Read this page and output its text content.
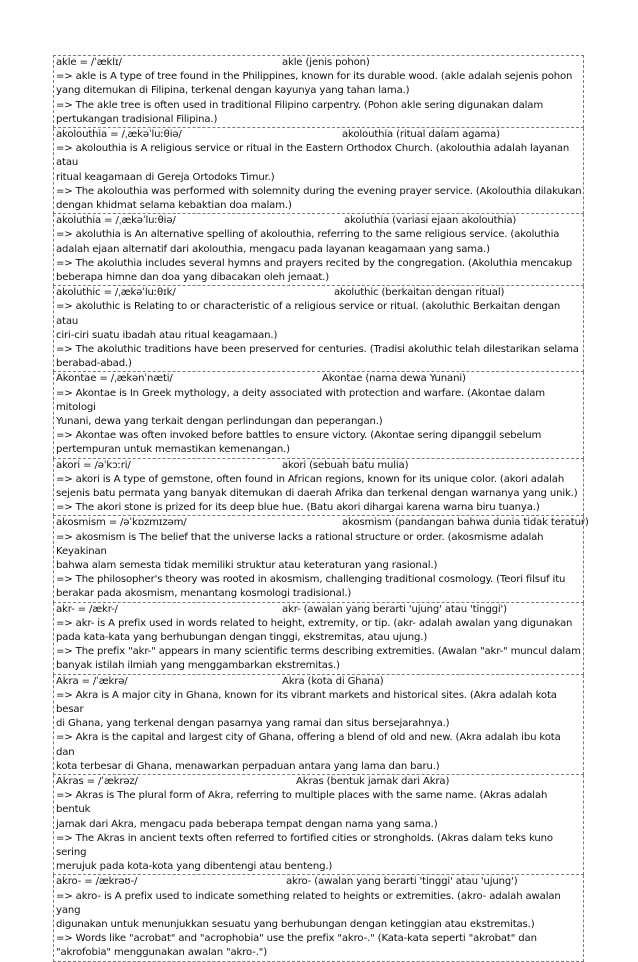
akle = /ˈæklɪ/	akle (jenis pohon)
=> akle is A type of tree found in the Philippines, known for its durable wood. (akle adalah sejenis pohon
yang ditemukan di Filipina, terkenal dengan kayunya yang tahan lama.)
=> The akle tree is often used in traditional Filipino carpentry. (Pohon akle sering digunakan dalam
pertukangan tradisional Filipina.)
akolouthia = /ˌækəˈluːθiə/	akolouthia (ritual dalam agama)
=> akolouthia is A religious service or ritual in the Eastern Orthodox Church. (akolouthia adalah layanan atau
ritual keagamaan di Gereja Ortodoks Timur.)
=> The akolouthia was performed with solemnity during the evening prayer service. (Akolouthia dilakukan
dengan khidmat selama kebaktian doa malam.)
akoluthia = /ˌækəˈluːθiə/	akoluthia (variasi ejaan akolouthia)
=> akoluthia is An alternative spelling of akolouthia, referring to the same religious service. (akoluthia
adalah ejaan alternatif dari akolouthia, mengacu pada layanan keagamaan yang sama.)
=> The akoluthia includes several hymns and prayers recited by the congregation. (Akoluthia mencakup
beberapa himne dan doa yang dibacakan oleh jemaat.)
akoluthic = /ˌækəˈluːθɪk/	akoluthic (berkaitan dengan ritual)
=> akoluthic is Relating to or characteristic of a religious service or ritual. (akoluthic Berkaitan dengan atau
ciri-ciri suatu ibadah atau ritual keagamaan.)
=> The akoluthic traditions have been preserved for centuries. (Tradisi akoluthic telah dilestarikan selama
berabad-abad.)
Akontae = /ˌækənˈnæti/	Akontae (nama dewa Yunani)
=> Akontae is In Greek mythology, a deity associated with protection and warfare. (Akontae dalam mitologi
Yunani, dewa yang terkait dengan perlindungan dan peperangan.)
=> Akontae was often invoked before battles to ensure victory. (Akontae sering dipanggil sebelum
pertempuran untuk memastikan kemenangan.)
akori = /əˈkɔːri/	akori (sebuah batu mulia)
=> akori is A type of gemstone, often found in African regions, known for its unique color. (akori adalah
sejenis batu permata yang banyak ditemukan di daerah Afrika dan terkenal dengan warnanya yang unik.)
=> The akori stone is prized for its deep blue hue. (Batu akori dihargai karena warna biru tuanya.)
akosmism = /əˈkɒzmɪzəm/	akosmism (pandangan bahwa dunia tidak teratur)
=> akosmism is The belief that the universe lacks a rational structure or order. (akosmisme adalah Keyakinan
bahwa alam semesta tidak memiliki struktur atau keteraturan yang rasional.)
=> The philosopher's theory was rooted in akosmism, challenging traditional cosmology. (Teori filsuf itu
berakar pada akosmism, menantang kosmologi tradisional.)
akr- = /ækr-/	akr- (awalan yang berarti 'ujung' atau 'tinggi')
=> akr- is A prefix used in words related to height, extremity, or tip. (akr- adalah awalan yang digunakan
pada kata-kata yang berhubungan dengan tinggi, ekstremitas, atau ujung.)
=> The prefix "akr-" appears in many scientific terms describing extremities. (Awalan "akr-" muncul dalam
banyak istilah ilmiah yang menggambarkan ekstremitas.)
Akra = /ˈækrə/	Akra (kota di Ghana)
=> Akra is A major city in Ghana, known for its vibrant markets and historical sites. (Akra adalah kota besar
di Ghana, yang terkenal dengan pasarnya yang ramai dan situs bersejarahnya.)
=> Akra is the capital and largest city of Ghana, offering a blend of old and new. (Akra adalah ibu kota dan
kota terbesar di Ghana, menawarkan perpaduan antara yang lama dan baru.)
Akras = /ˈækrəz/	Akras (bentuk jamak dari Akra)
=> Akras is The plural form of Akra, referring to multiple places with the same name. (Akras adalah bentuk
jamak dari Akra, mengacu pada beberapa tempat dengan nama yang sama.)
=> The Akras in ancient texts often referred to fortified cities or strongholds. (Akras dalam teks kuno sering
merujuk pada kota-kota yang dibentengi atau benteng.)
akro- = /ækrəʊ-/	akro- (awalan yang berarti 'tinggi' atau 'ujung')
=> akro- is A prefix used to indicate something related to heights or extremities. (akro- adalah awalan yang
digunakan untuk menunjukkan sesuatu yang berhubungan dengan ketinggian atau ekstremitas.)
=> Words like "acrobat" and "acrophobia" use the prefix "akro-." (Kata-kata seperti "akrobat" dan
"akrofobia" menggunakan awalan "akro-.")
